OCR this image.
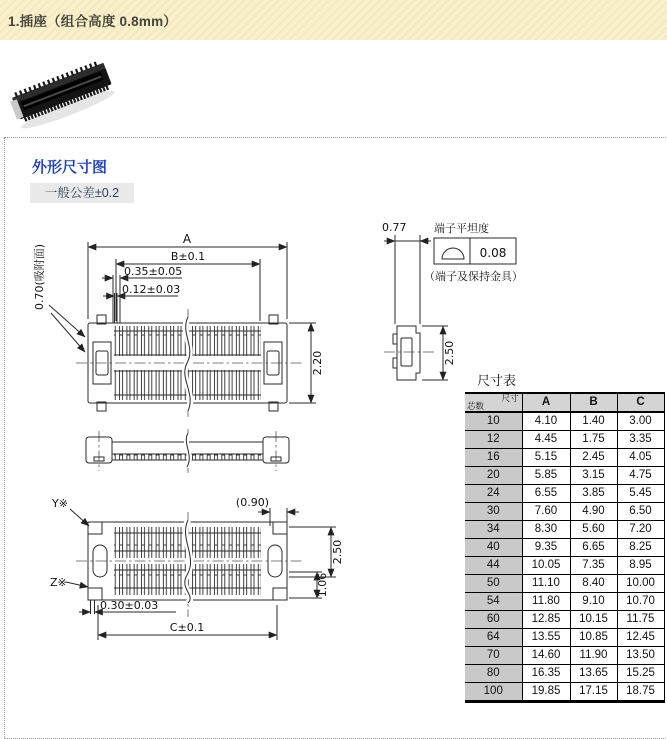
1.插座（组合高度 0.8mm）
外形尺寸图
一般公差±0.2
A
B±0.1
0.35±0.05
0.12±0.03
0.70(吸附面)
2.20
Y※
Z※
(0.90)
2.50
1.06
0.30±0.03
C±0.1
0.77	端子平坦度
0.08
（端子及保持金具）
2.50
尺寸表
尺寸
芯数	A	B	C
10	4.10	1.40	3.00
12	4.45	1.75	3.35
16	5.15	2.45	4.05
20	5.85	3.15	4.75
24	6.55	3.85	5.45
30	7.60	4.90	6.50
34	8.30	5.60	7.20
40	9.35	6.65	8.25
44	10.05	7.35	8.95
50	11.10	8.40	10.00
54	11.80	9.10	10.70
60	12.85	10.15	11.75
64	13.55	10.85	12.45
70	14.60	11.90	13.50
80	16.35	13.65	15.25
100	19.85	17.15	18.75
